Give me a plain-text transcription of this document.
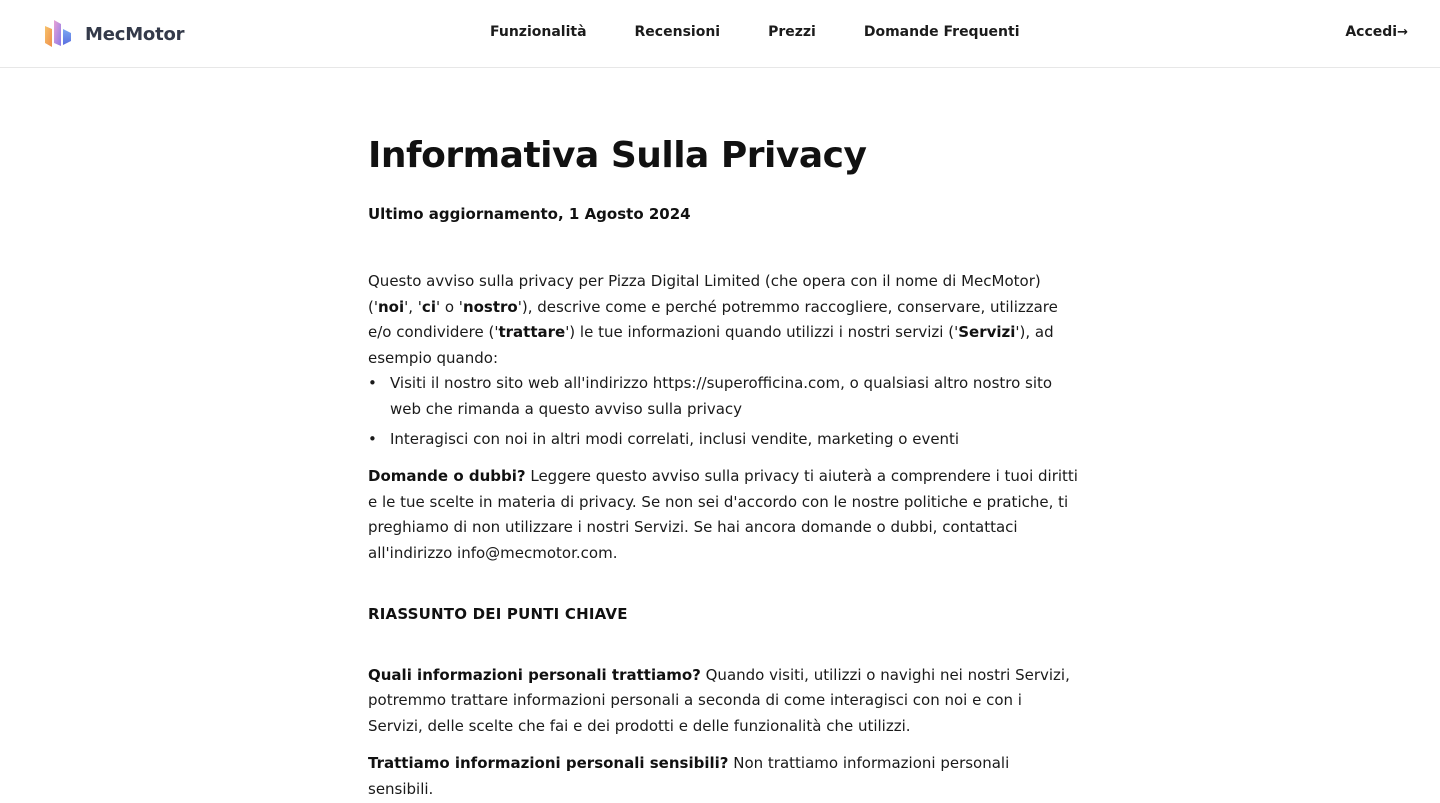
MecMotor	Funzionalità	Recensioni	Prezzi	Domande Frequenti	Accedi→
Informativa Sulla Privacy
Ultimo aggiornamento, 1 Agosto 2024

Questo avviso sulla privacy per Pizza Digital Limited (che opera con il nome di MecMotor) ('noi', 'ci' o 'nostro'), descrive come e perché potremmo raccogliere, conservare, utilizzare e/o condividere ('trattare') le tue informazioni quando utilizzi i nostri servizi ('Servizi'), ad esempio quando:

• Visiti il nostro sito web all'indirizzo https://superofficina.com, o qualsiasi altro nostro sito web che rimanda a questo avviso sulla privacy
• Interagisci con noi in altri modi correlati, inclusi vendite, marketing o eventi

Domande o dubbi? Leggere questo avviso sulla privacy ti aiuterà a comprendere i tuoi diritti e le tue scelte in materia di privacy. Se non sei d'accordo con le nostre politiche e pratiche, ti preghiamo di non utilizzare i nostri Servizi. Se hai ancora domande o dubbi, contattaci all'indirizzo info@mecmotor.com.

RIASSUNTO DEI PUNTI CHIAVE

Quali informazioni personali trattiamo? Quando visiti, utilizzi o navighi nei nostri Servizi, potremmo trattare informazioni personali a seconda di come interagisci con noi e con i Servizi, delle scelte che fai e dei prodotti e delle funzionalità che utilizzi.

Trattiamo informazioni personali sensibili? Non trattiamo informazioni personali sensibili.
